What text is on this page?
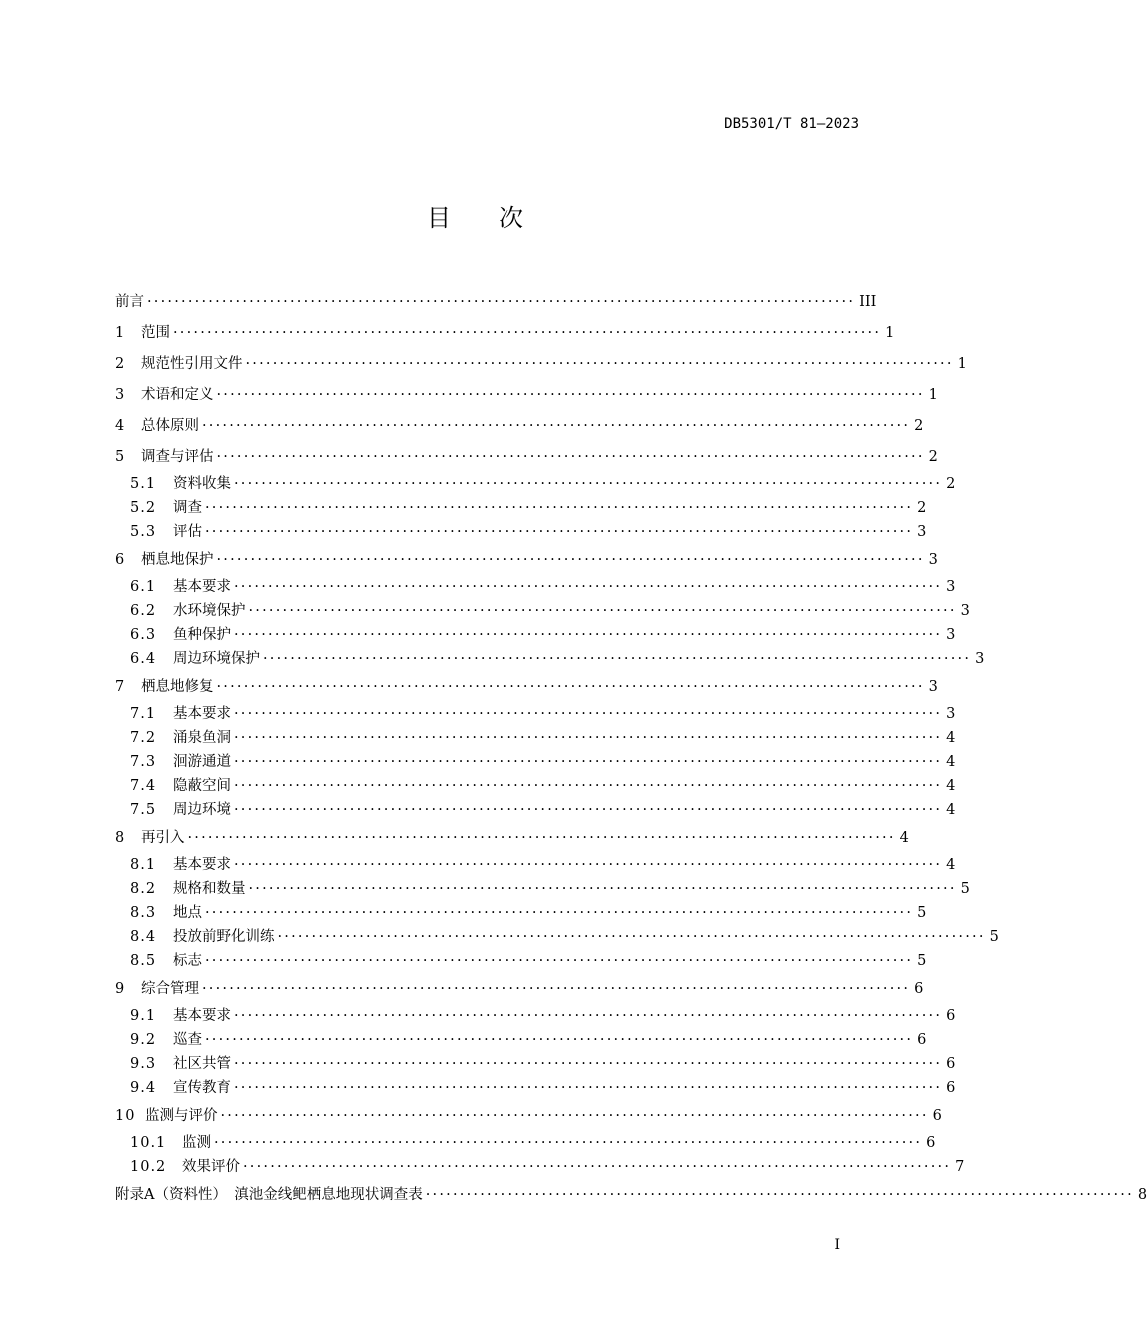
DB5301/T 81—2023
目　　次
前言 ········································································································ III
1	范围 ········································································································ 1
2	规范性引用文件 ········································································································ 1
3	术语和定义 ········································································································ 1
4	总体原则 ········································································································ 2
5	调查与评估 ········································································································ 2
5.1	资料收集 ········································································································ 2
5.2	调查 ········································································································ 2
5.3	评估 ········································································································ 3
6	栖息地保护 ········································································································ 3
6.1	基本要求 ········································································································ 3
6.2	水环境保护 ········································································································ 3
6.3	鱼种保护 ········································································································ 3
6.4	周边环境保护 ········································································································ 3
7	栖息地修复 ········································································································ 3
7.1	基本要求 ········································································································ 3
7.2	涌泉鱼洞 ········································································································ 4
7.3	洄游通道 ········································································································ 4
7.4	隐蔽空间 ········································································································ 4
7.5	周边环境 ········································································································ 4
8	再引入 ········································································································ 4
8.1	基本要求 ········································································································ 4
8.2	规格和数量 ········································································································ 5
8.3	地点 ········································································································ 5
8.4	投放前野化训练 ········································································································ 5
8.5	标志 ········································································································ 5
9	综合管理 ········································································································ 6
9.1	基本要求 ········································································································ 6
9.2	巡查 ········································································································ 6
9.3	社区共管 ········································································································ 6
9.4	宣传教育 ········································································································ 6
10 监测与评价 ········································································································ 6
10.1	监测 ········································································································ 6
10.2	效果评价 ········································································································ 7
附录A（资料性）　滇池金线鲃栖息地现状调查表 ········································································································ 8
I
